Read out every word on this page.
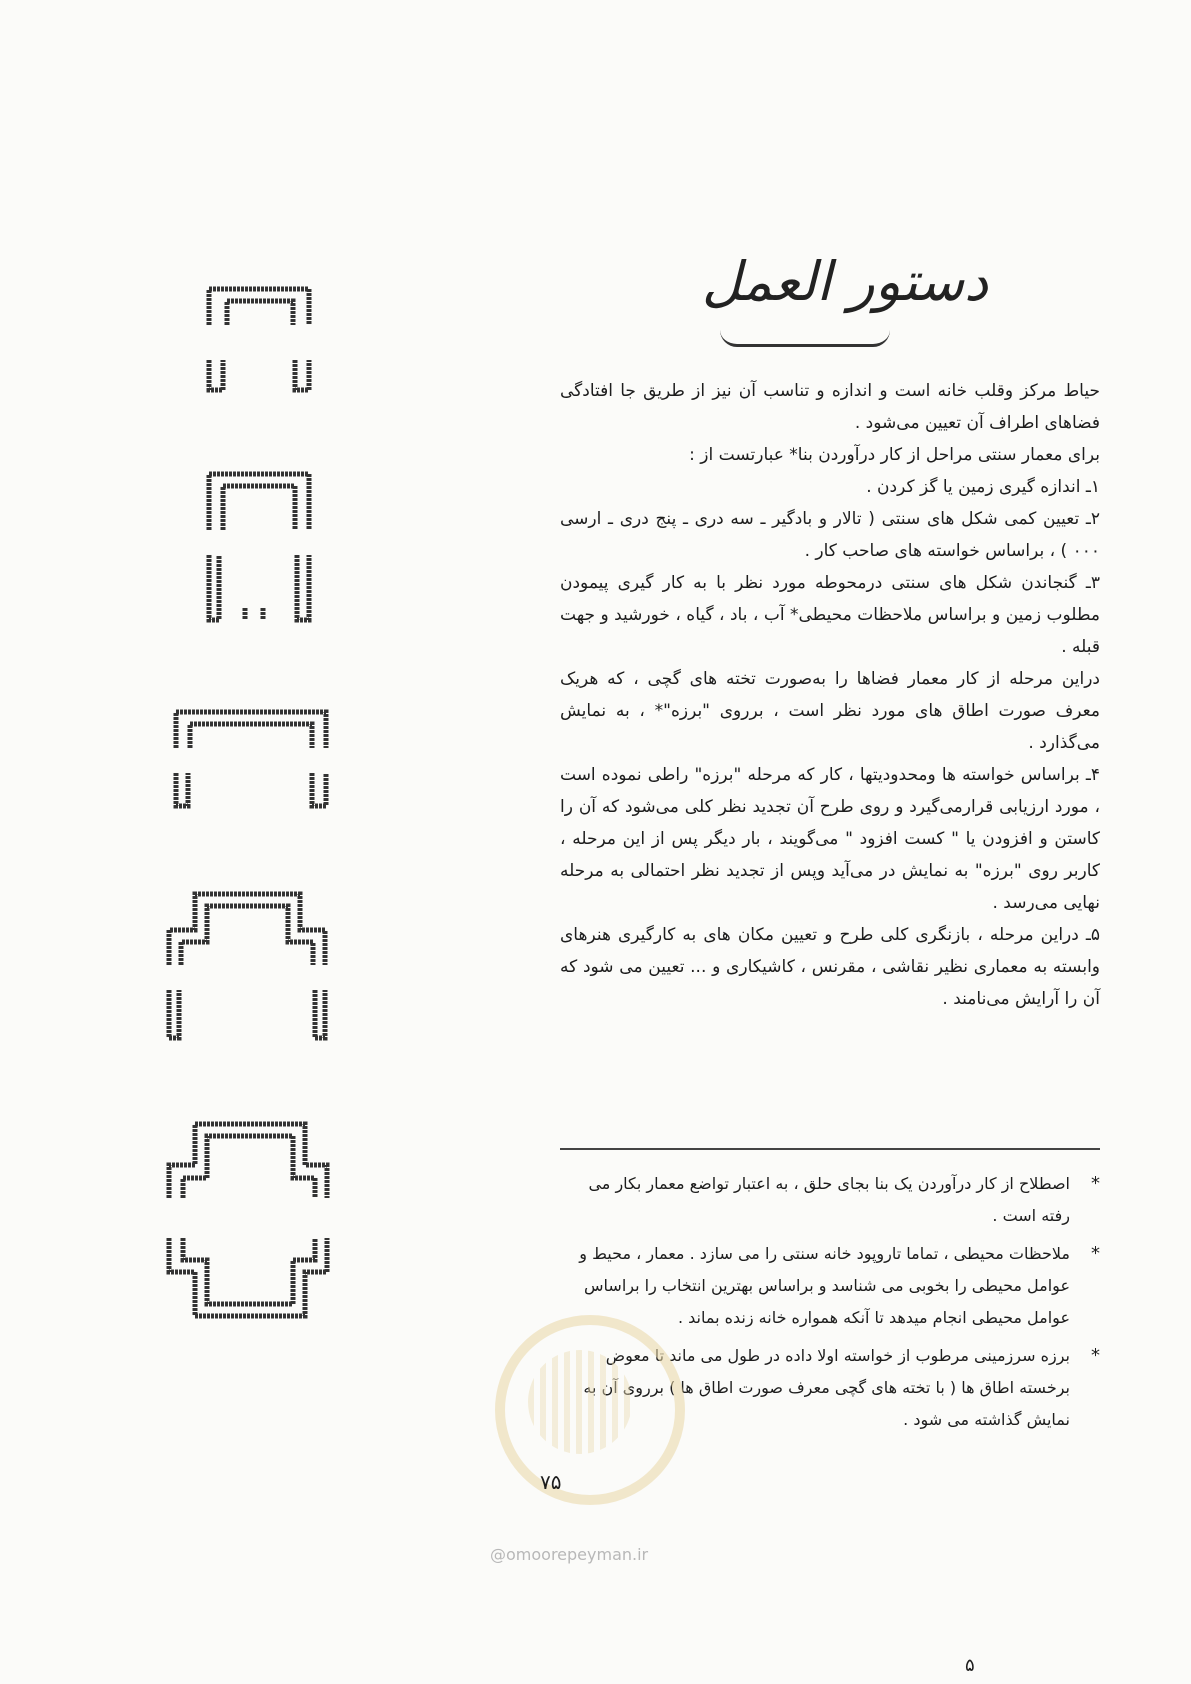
دستور العمل

حیاط مرکز وقلب خانه است و اندازه و تناسب آن نیز از طریق جا افتادگی فضاهای اطراف آن تعیین می‌شود .

برای معمار سنتی مراحل از کار درآوردن بنا* عبارتست از :

۱ـ اندازه گیری زمین یا گز کردن .

۲ـ تعیین کمی شکل های سنتی ( تالار و بادگیر ـ سه دری ـ پنج دری ـ ارسی ۰۰۰ ) ، براساس خواسته های صاحب کار .

۳ـ گنجاندن شکل های سنتی درمحوطه مورد نظر با به کار گیری پیمودن مطلوب زمین و براساس ملاحظات محیطی* آب ، باد ، گیاه ، خورشید و جهت قبله .

دراین مرحله از کار معمار فضاها را به‌صورت تخته های گچی ، که هریک معرف صورت اطاق های مورد نظر است ، برروی "برزه"* ، به نمایش می‌گذارد .

۴ـ براساس خواسته ها ومحدودیتها ، کار که مرحله "برزه" راطی نموده است ، مورد ارزیابی قرارمی‌گیرد و روی طرح آن تجدید نظر کلی می‌شود که آن را کاستن و افزودن یا " کست افزود " می‌گویند ، بار دیگر پس از این مرحله ، کاربر روی "برزه" به نمایش در می‌آید وپس از تجدید نظر احتمالی به مرحله نهایی می‌رسد .

۵ـ دراین مرحله ، بازنگری کلی طرح و تعیین مکان های به کارگیری هنرهای وابسته به معماری نظیر نقاشی ، مقرنس ، کاشیکاری و ... تعیین می شود که آن را آرایش می‌نامند .

*
اصطلاح از کار درآوردن یک بنا بجای حلق ، به اعتبار تواضع معمار بکار می رفته است .
*
ملاحظات محیطی ، تماما تاروپود خانه سنتی را می سازد . معمار ، محیط و عوامل محیطی را بخوبی می شناسد و براساس بهترین انتخاب را براساس عوامل محیطی انجام میدهد تا آنکه همواره خانه زنده بماند .
*
برزه سرزمینی مرطوب از خواسته اولا داده در طول می ماند تا معوض برخسته اطاق ها ( با تخته های گچی معرف صورت اطاق ها ) برروی آن به نمایش گذاشته می شود .
۷۵
@omoorepeyman.ir
۵
